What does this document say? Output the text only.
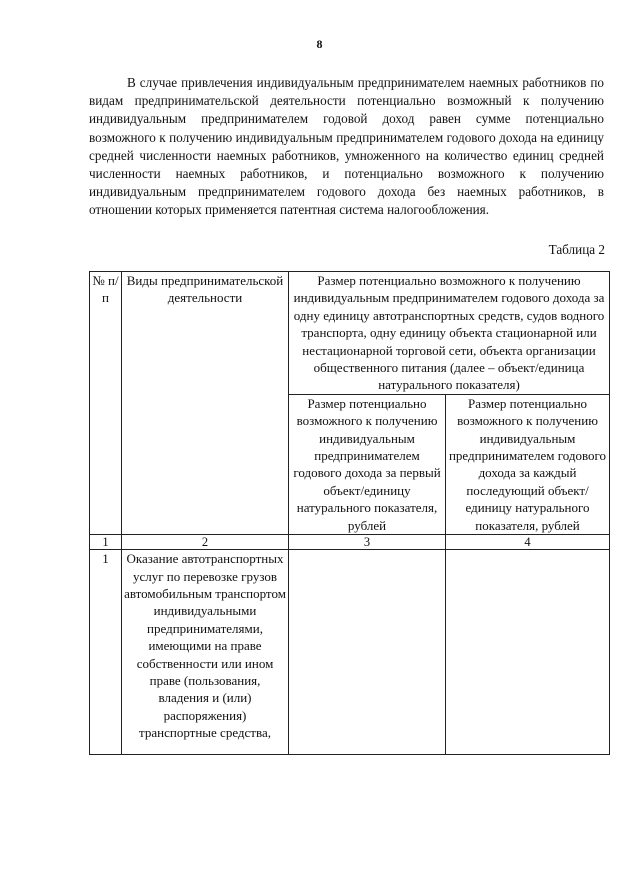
8

В случае привлечения индивидуальным предпринимателем наемных работников по видам предпринимательской деятельности потенциально возможный к получению индивидуальным предпринимателем годовой доход равен сумме потенциально возможного к получению индивидуальным предпринимателем годового дохода на единицу средней численности наемных работников, умноженного на количество единиц средней численности наемных работников, и потенциально возможного к получению индивидуальным предпринимателем годового дохода без наемных работников, в отношении которых применяется патентная система налогообложения.

Таблица 2
№ п/п	Виды предпринимательской деятельности	Размер потенциально возможного к получению индивидуальным предпринимателем годового дохода за одну единицу автотранспортных средств, судов водного транспорта, одну единицу объекта стационарной или нестационарной торговой сети, объекта организации общественного питания (далее – объект/единица натурального показателя)	
		Размер потенциально возможного к получению индивидуальным предпринимателем годового дохода за первый объект/единицу натурального показателя, рублей	Размер потенциально возможного к получению индивидуальным предпринимателем годового дохода за каждый последующий объект/единицу натурального показателя, рублей
1	2	3	4
1	Оказание автотранспортных услуг по перевозке грузов автомобильным транспортом индивидуальными предпринимателями, имеющими на праве собственности или ином праве (пользования, владения и (или) распоряжения) транспортные средства,		
